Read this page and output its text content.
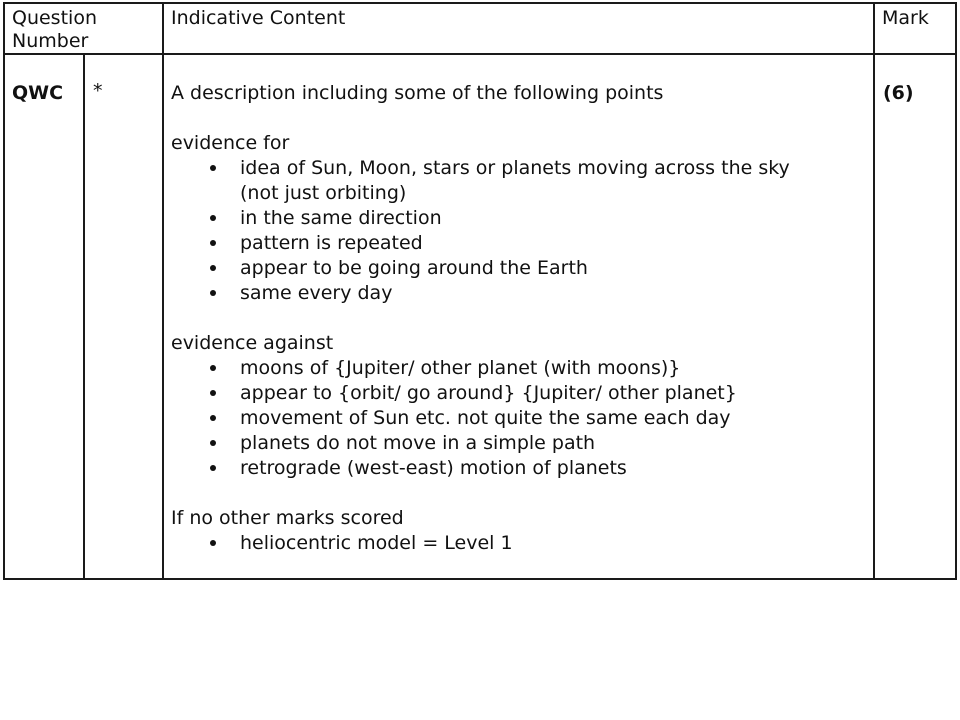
Question
Number
Indicative Content	Mark
QWC *	(6)
A description including some of the following points
evidence for
idea of Sun, Moon, stars or planets moving across the sky
(not just orbiting)
in the same direction
pattern is repeated
appear to be going around the Earth
same every day
evidence against
moons of {Jupiter/ other planet (with moons)}
appear to {orbit/ go around} {Jupiter/ other planet}
movement of Sun etc. not quite the same each day
planets do not move in a simple path
retrograde (west-east) motion of planets
If no other marks scored
heliocentric model = Level 1
